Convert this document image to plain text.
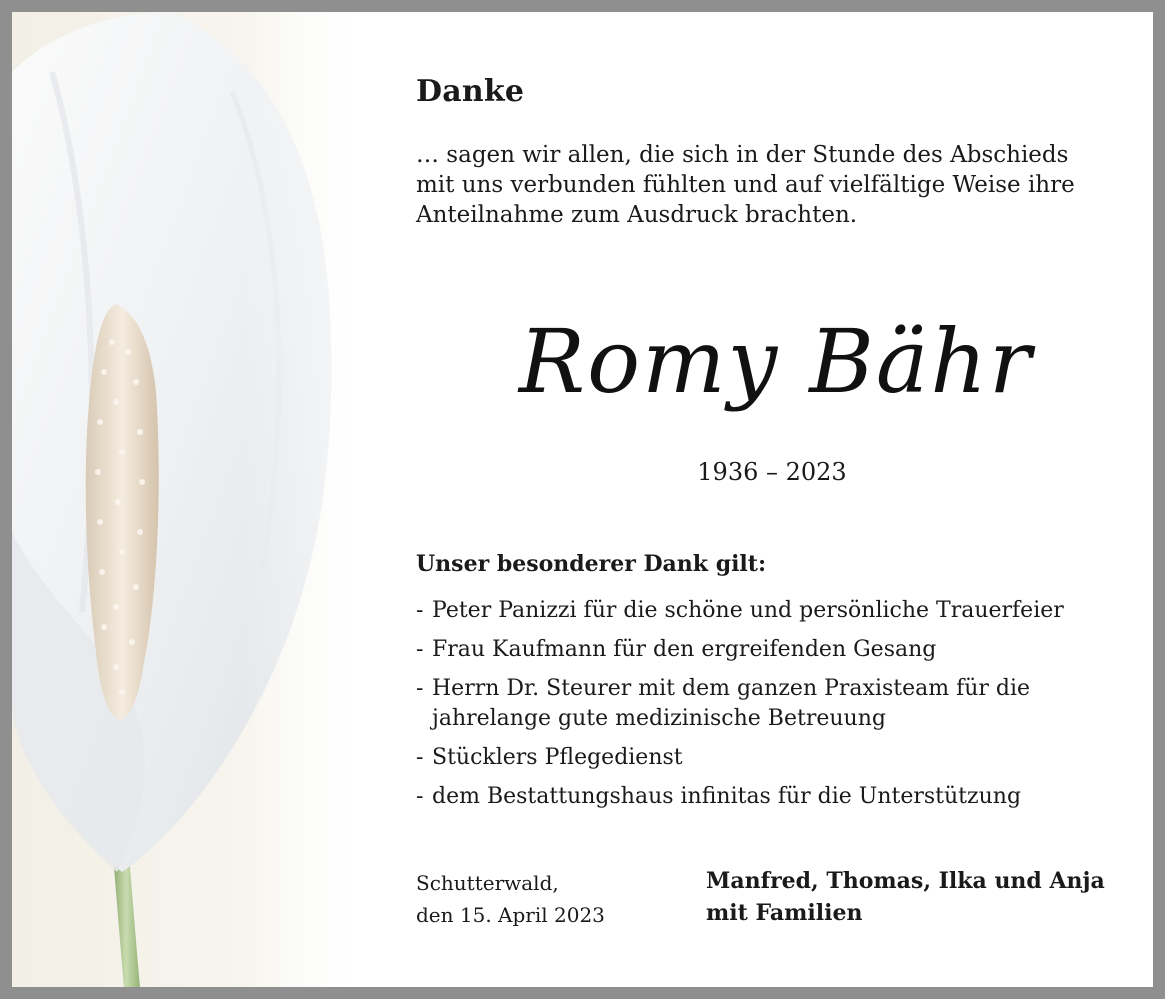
Danke
… sagen wir allen, die sich in der Stunde des Abschieds
mit uns verbunden fühlten und auf vielfältige Weise ihre
Anteilnahme zum Ausdruck brachten.
Romy Bähr
1936 – 2023
Unser besonderer Dank gilt:
- Peter Panizzi für die schöne und persönliche Trauerfeier
- Frau Kaufmann für den ergreifenden Gesang
- Herrn Dr. Steurer mit dem ganzen Praxisteam für die
jahrelange gute medizinische Betreuung
- Stücklers Pflegedienst
- dem Bestattungshaus infinitas für die Unterstützung
Schutterwald,
den 15. April 2023
Manfred, Thomas, Ilka und Anja
mit Familien
